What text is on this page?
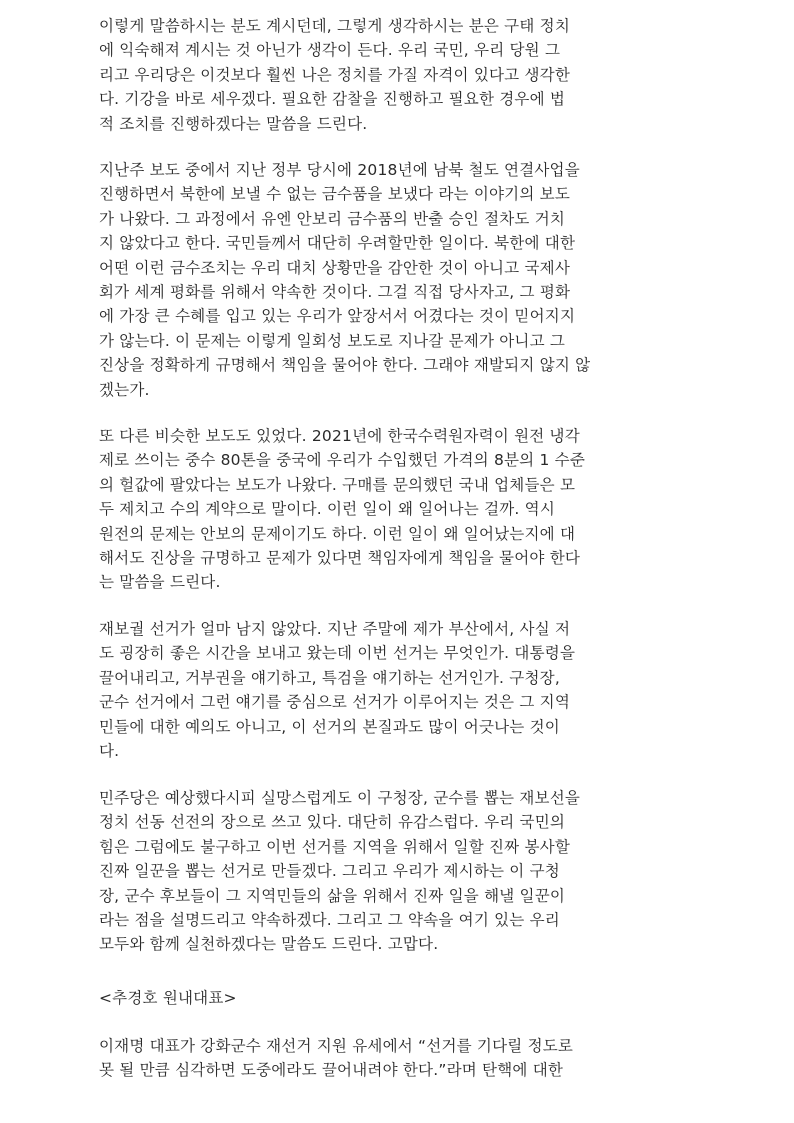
이렇게 말씀하시는 분도 계시던데, 그렇게 생각하시는 분은 구태 정치
에 익숙해져 계시는 것 아닌가 생각이 든다. 우리 국민, 우리 당원 그
리고 우리당은 이것보다 훨씬 나은 정치를 가질 자격이 있다고 생각한
다. 기강을 바로 세우겠다. 필요한 감찰을 진행하고 필요한 경우에 법
적 조치를 진행하겠다는 말씀을 드린다.
지난주 보도 중에서 지난 정부 당시에 2018년에 남북 철도 연결사업을
진행하면서 북한에 보낼 수 없는 금수품을 보냈다 라는 이야기의 보도
가 나왔다. 그 과정에서 유엔 안보리 금수품의 반출 승인 절차도 거치
지 않았다고 한다. 국민들께서 대단히 우려할만한 일이다. 북한에 대한
어떤 이런 금수조치는 우리 대치 상황만을 감안한 것이 아니고 국제사
회가 세계 평화를 위해서 약속한 것이다. 그걸 직접 당사자고, 그 평화
에 가장 큰 수혜를 입고 있는 우리가 앞장서서 어겼다는 것이 믿어지지
가 않는다. 이 문제는 이렇게 일회성 보도로 지나갈 문제가 아니고 그
진상을 정확하게 규명해서 책임을 물어야 한다. 그래야 재발되지 않지 않
겠는가.
또 다른 비슷한 보도도 있었다. 2021년에 한국수력원자력이 원전 냉각
제로 쓰이는 중수 80톤을 중국에 우리가 수입했던 가격의 8분의 1 수준
의 헐값에 팔았다는 보도가 나왔다. 구매를 문의했던 국내 업체들은 모
두 제치고 수의 계약으로 말이다. 이런 일이 왜 일어나는 걸까. 역시
원전의 문제는 안보의 문제이기도 하다. 이런 일이 왜 일어났는지에 대
해서도 진상을 규명하고 문제가 있다면 책임자에게 책임을 물어야 한다
는 말씀을 드린다.
재보궐 선거가 얼마 남지 않았다. 지난 주말에 제가 부산에서, 사실 저
도 굉장히 좋은 시간을 보내고 왔는데 이번 선거는 무엇인가. 대통령을
끌어내리고, 거부권을 얘기하고, 특검을 얘기하는 선거인가. 구청장,
군수 선거에서 그런 얘기를 중심으로 선거가 이루어지는 것은 그 지역
민들에 대한 예의도 아니고, 이 선거의 본질과도 많이 어긋나는 것이
다.
민주당은 예상했다시피 실망스럽게도 이 구청장, 군수를 뽑는 재보선을
정치 선동 선전의 장으로 쓰고 있다. 대단히 유감스럽다. 우리 국민의
힘은 그럼에도 불구하고 이번 선거를 지역을 위해서 일할 진짜 봉사할
진짜 일꾼을 뽑는 선거로 만들겠다. 그리고 우리가 제시하는 이 구청
장, 군수 후보들이 그 지역민들의 삶을 위해서 진짜 일을 해낼 일꾼이
라는 점을 설명드리고 약속하겠다. 그리고 그 약속을 여기 있는 우리
모두와 함께 실천하겠다는 말씀도 드린다. 고맙다.
<추경호 원내대표>
이재명 대표가 강화군수 재선거 지원 유세에서 “선거를 기다릴 정도로
못 될 만큼 심각하면 도중에라도 끌어내려야 한다.”라며 탄핵에 대한
